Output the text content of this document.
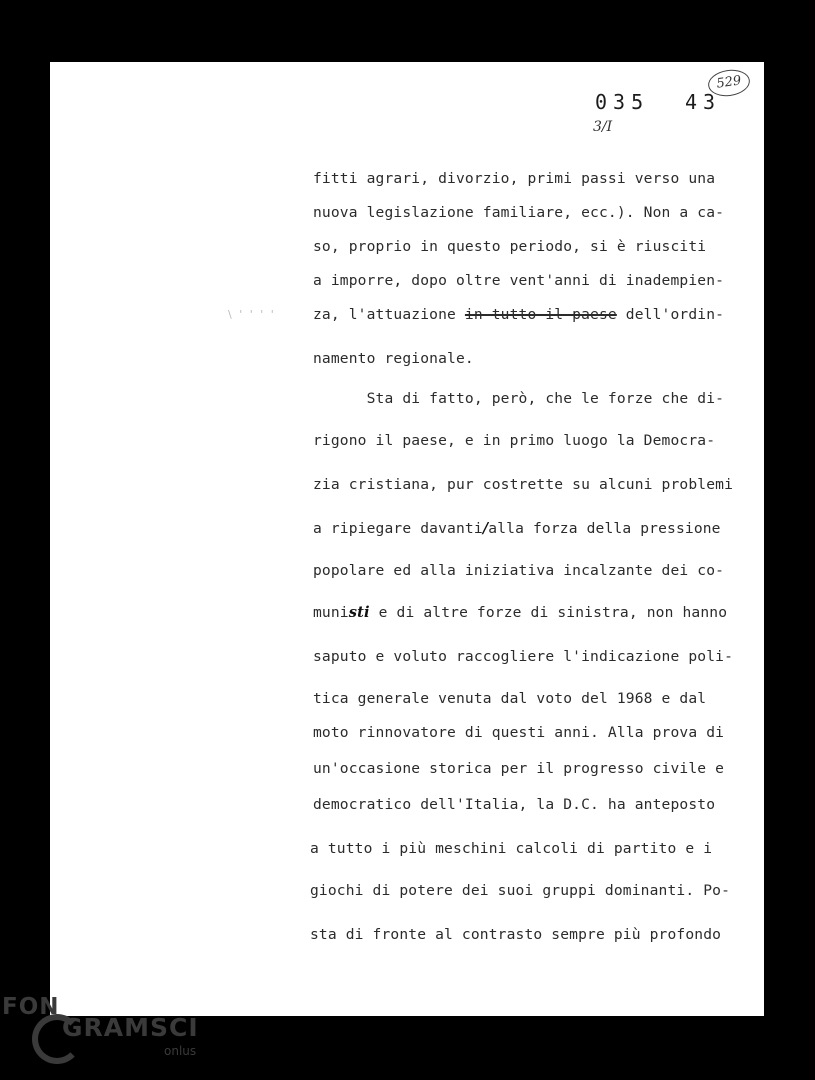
035 43
529
3/I
\ ' ' ' '

fitti agrari, divorzio, primi passi verso una

nuova legislazione familiare, ecc.). Non a ca-

so, proprio in questo periodo, si è riusciti

a imporre, dopo oltre vent'anni di inadempien-

za, l'attuazione in tutto il paese dell'ordin-

namento regionale.

Sta di fatto, però, che le forze che di-

rigono il paese, e in primo luogo la Democra-

zia cristiana, pur costrette su alcuni problemi

a ripiegare davanti/alla forza della pressione

popolare ed alla iniziativa incalzante dei co-

munisti e di altre forze di sinistra, non hanno

saputo e voluto raccogliere l'indicazione poli-

tica generale venuta dal voto del 1968 e dal

moto rinnovatore di questi anni. Alla prova di

un'occasione storica per il progresso civile e

democratico dell'Italia, la D.C. ha anteposto

a tutto i più meschini calcoli di partito e i

giochi di potere dei suoi gruppi dominanti. Po-

sta di fronte al contrasto sempre più profondo

FON
GRAMSCI
onlus
